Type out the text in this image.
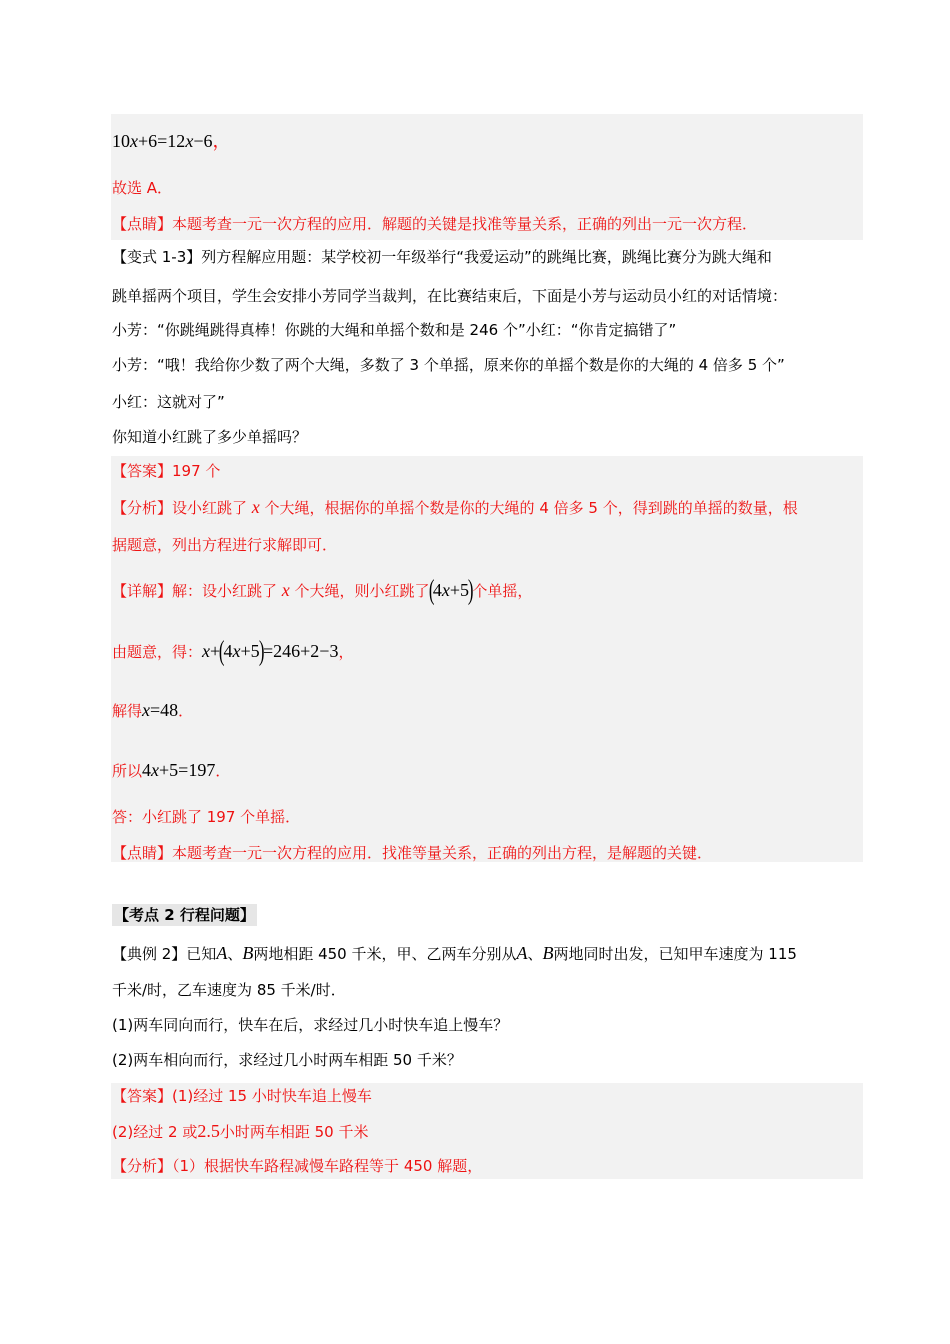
10x+6=12x−6，
故选 A．
【点睛】本题考查一元一次方程的应用．解题的关键是找准等量关系，正确的列出一元一次方程．
【变式 1-3】列方程解应用题：某学校初一年级举行“我爱运动”的跳绳比赛，跳绳比赛分为跳大绳和
跳单摇两个项目，学生会安排小芳同学当裁判，在比赛结束后，下面是小芳与运动员小红的对话情境：
小芳：“你跳绳跳得真棒！你跳的大绳和单摇个数和是 246 个”小红：“你肯定搞错了”
小芳：“哦！我给你少数了两个大绳，多数了 3 个单摇，原来你的单摇个数是你的大绳的 4 倍多 5 个”
小红：这就对了”
你知道小红跳了多少单摇吗？
【答案】197 个
【分析】设小红跳了 x 个大绳，根据你的单摇个数是你的大绳的 4 倍多 5 个，得到跳的单摇的数量，根
据题意，列出方程进行求解即可．
【详解】解：设小红跳了 x 个大绳，则小红跳了(4x+5)个单摇，
由题意，得：x+(4x+5)=246+2−3，
解得x=48．
所以4x+5=197．
答：小红跳了 197 个单摇．
【点睛】本题考查一元一次方程的应用．找准等量关系，正确的列出方程，是解题的关键．
【考点 2 行程问题】
【典例 2】已知A、B两地相距 450 千米，甲、乙两车分别从A、B两地同时出发，已知甲车速度为 115
千米/时，乙车速度为 85 千米/时．
(1)两车同向而行，快车在后，求经过几小时快车追上慢车？
(2)两车相向而行，求经过几小时两车相距 50 千米？
【答案】(1)经过 15 小时快车追上慢车
(2)经过 2 或2.5小时两车相距 50 千米
【分析】（1）根据快车路程减慢车路程等于 450 解题，
